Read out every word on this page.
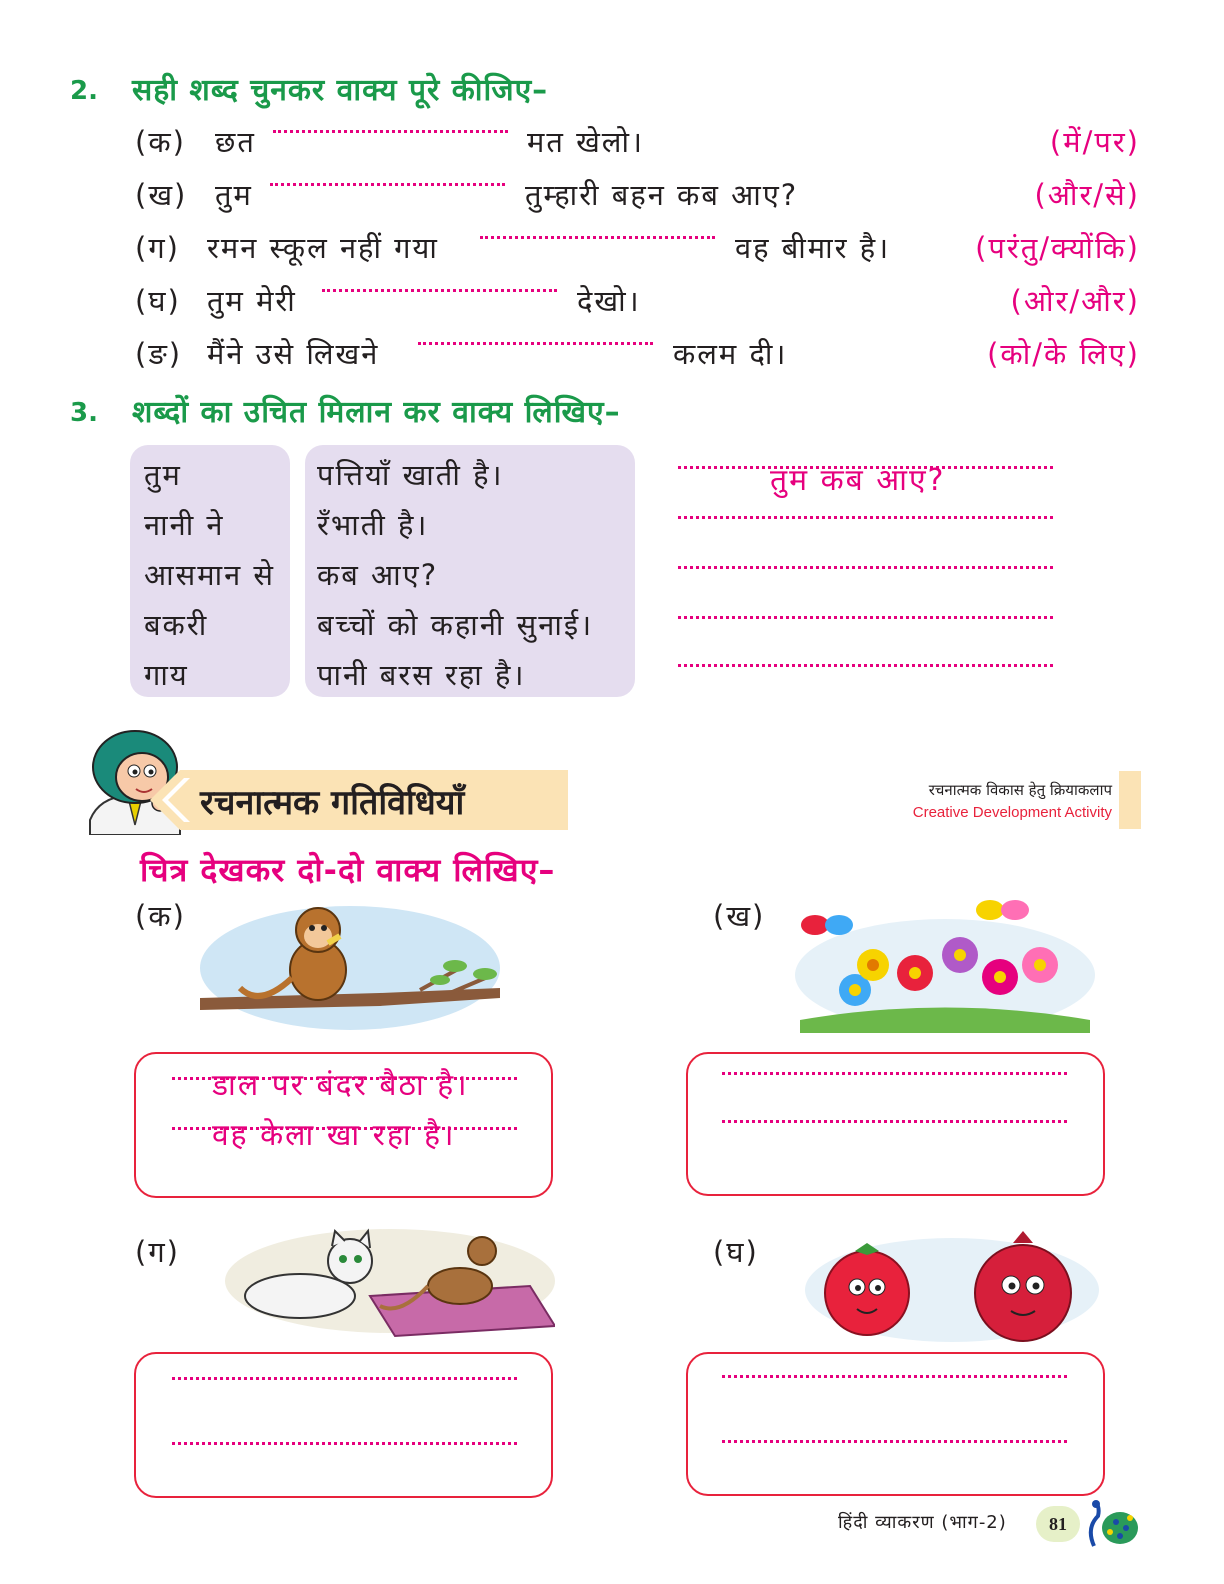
2. सही शब्द चुनकर वाक्य पूरे कीजिए–
(क) छत	मत खेलो।	(में/पर)
(ख) तुम	तुम्हारी बहन कब आए?	(और/से)
(ग) रमन स्कूल नहीं गया	वह बीमार है।	(परंतु/क्योंकि)
(घ) तुम मेरी	देखो।	(ओर/और)
(ङ) मैंने उसे लिखने	कलम दी।	(को/के लिए)
3. शब्दों का उचित मिलान कर वाक्य लिखिए–
तुम
नानी ने
आसमान से
बकरी
गाय
पत्तियाँ खाती है।
रँभाती है।
कब आए?
बच्चों को कहानी सुनाई।
पानी बरस रहा है।
तुम कब आए?
रचनात्मक गतिविधियाँ	रचनात्मक विकास हेतु क्रियाकलाप
Creative Development Activity
चित्र देखकर दो-दो वाक्य लिखिए–
(क)	(ख)
डाल पर बंदर बैठा है।
वह केला खा रहा है।
(ग)	(घ)
हिंदी व्याकरण (भाग-2)	81
